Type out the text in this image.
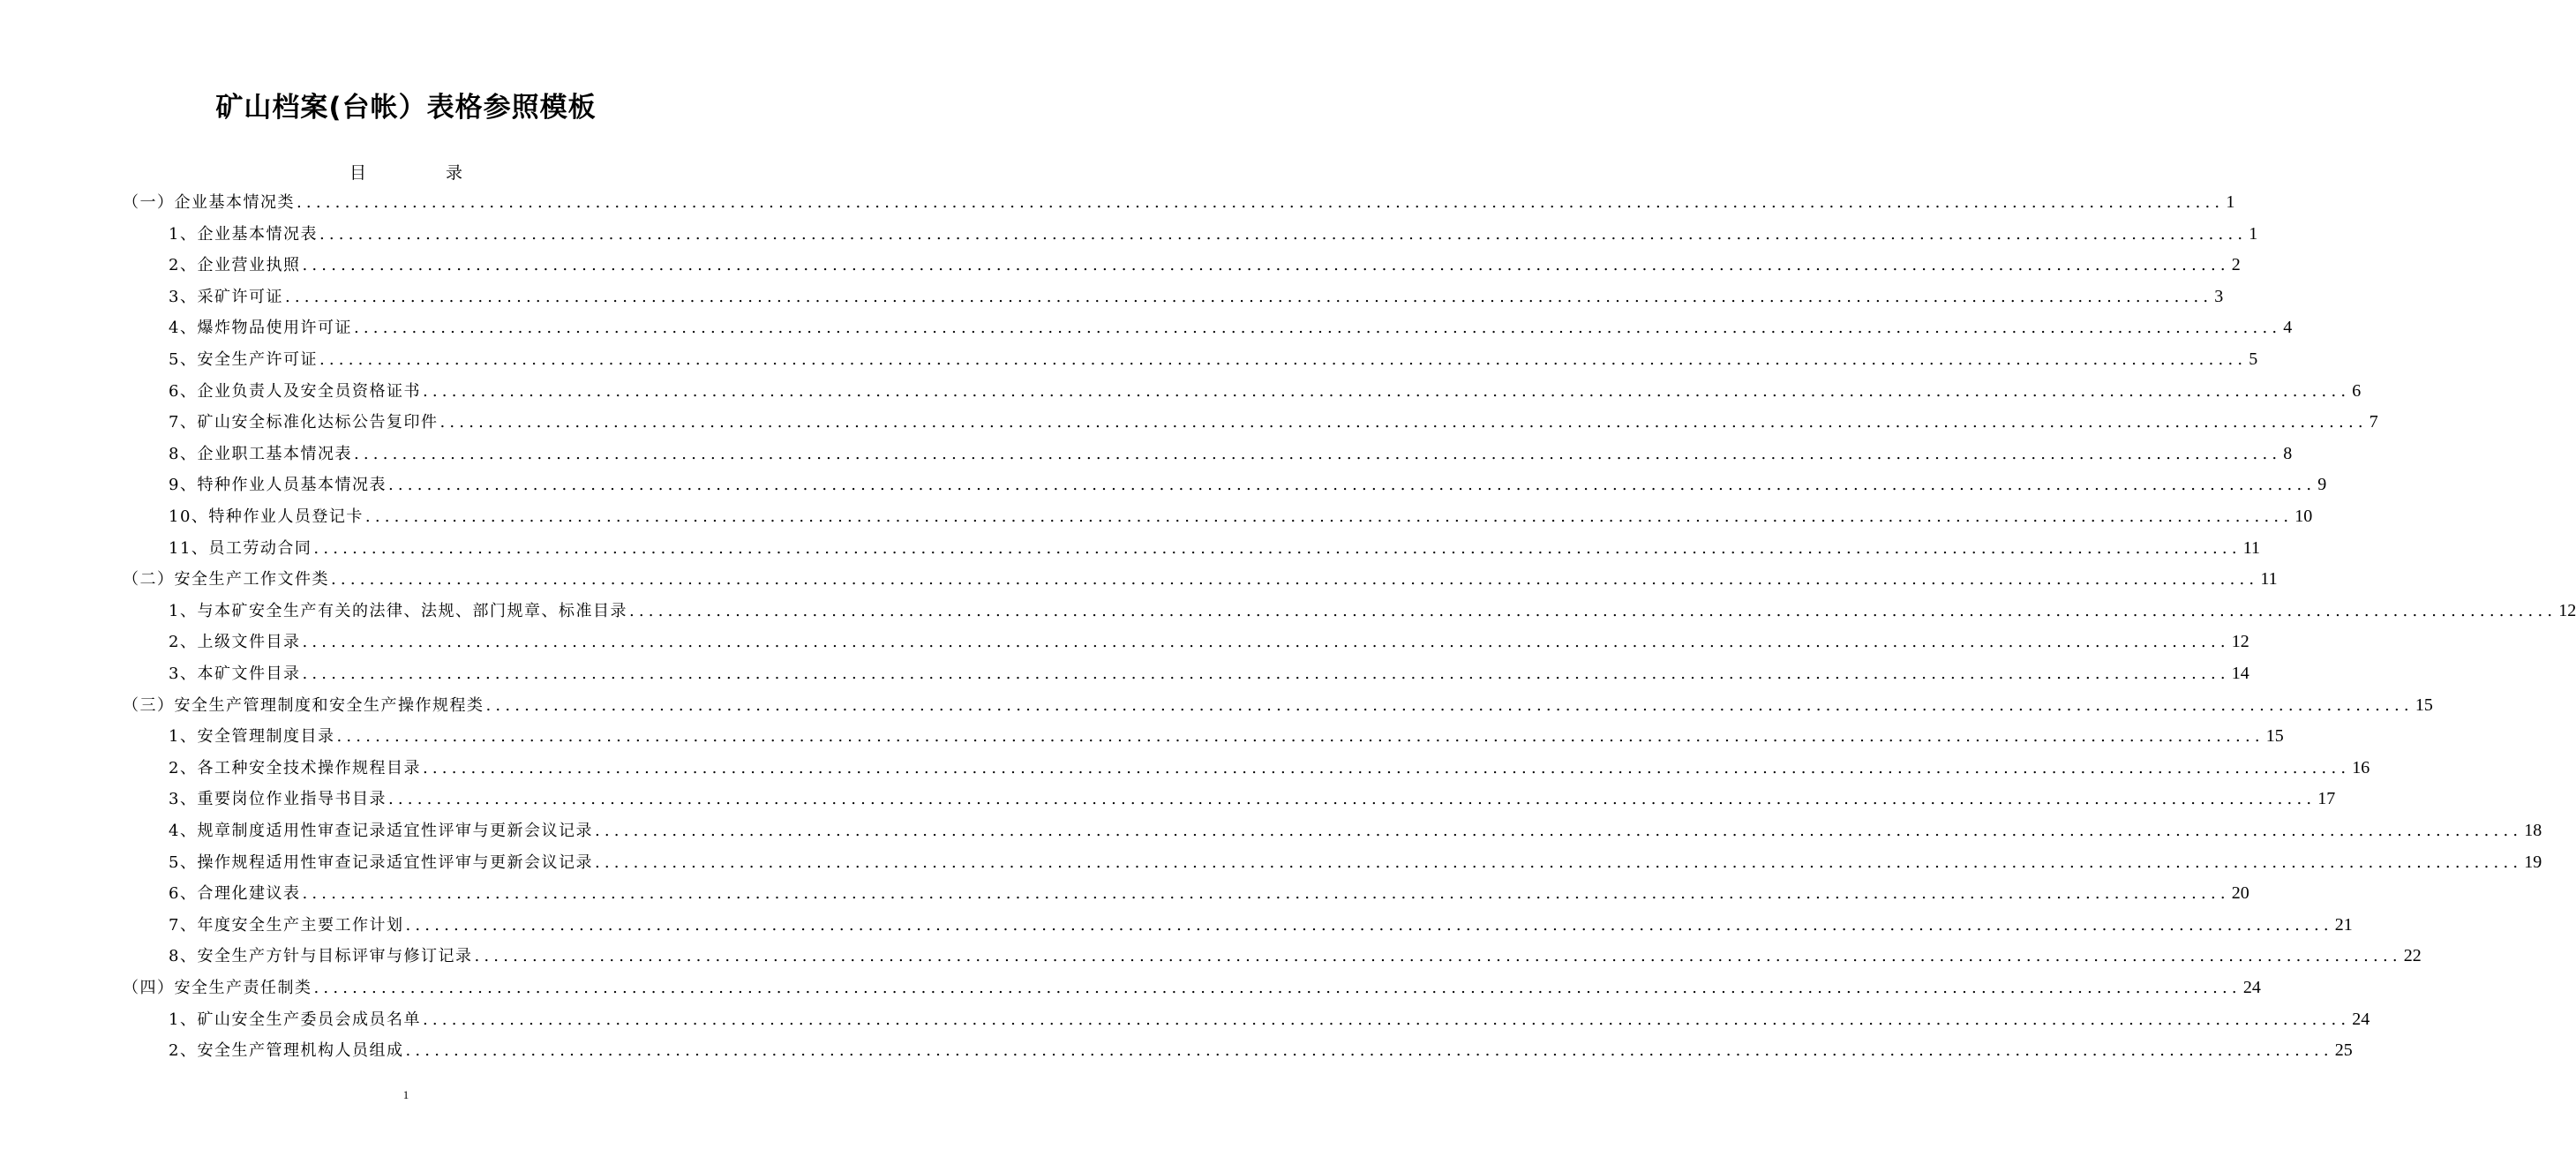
矿山档案(台帐）表格参照模板
目 录
（一）企业基本情况类 ........................................................................................................................................................................................................ 1
1、企业基本情况表 ........................................................................................................................................................................................................ 1
2、企业营业执照 ........................................................................................................................................................................................................ 2
3、采矿许可证 ........................................................................................................................................................................................................ 3
4、爆炸物品使用许可证 ........................................................................................................................................................................................................ 4
5、安全生产许可证 ........................................................................................................................................................................................................ 5
6、企业负责人及安全员资格证书 ........................................................................................................................................................................................................ 6
7、矿山安全标准化达标公告复印件 ........................................................................................................................................................................................................ 7
8、企业职工基本情况表 ........................................................................................................................................................................................................ 8
9、特种作业人员基本情况表 ........................................................................................................................................................................................................ 9
10、特种作业人员登记卡 ........................................................................................................................................................................................................ 10
11、员工劳动合同 ........................................................................................................................................................................................................ 11
（二）安全生产工作文件类 ........................................................................................................................................................................................................ 11
1、与本矿安全生产有关的法律、法规、部门规章、标准目录 ........................................................................................................................................................................................................ 12
2、上级文件目录 ........................................................................................................................................................................................................ 12
3、本矿文件目录 ........................................................................................................................................................................................................ 14
（三）安全生产管理制度和安全生产操作规程类 ........................................................................................................................................................................................................ 15
1、安全管理制度目录 ........................................................................................................................................................................................................ 15
2、各工种安全技术操作规程目录 ........................................................................................................................................................................................................ 16
3、重要岗位作业指导书目录 ........................................................................................................................................................................................................ 17
4、规章制度适用性审查记录适宜性评审与更新会议记录 ........................................................................................................................................................................................................ 18
5、操作规程适用性审查记录适宜性评审与更新会议记录 ........................................................................................................................................................................................................ 19
6、合理化建议表 ........................................................................................................................................................................................................ 20
7、年度安全生产主要工作计划 ........................................................................................................................................................................................................ 21
8、安全生产方针与目标评审与修订记录 ........................................................................................................................................................................................................ 22
（四）安全生产责任制类 ........................................................................................................................................................................................................ 24
1、矿山安全生产委员会成员名单 ........................................................................................................................................................................................................ 24
2、安全生产管理机构人员组成 ........................................................................................................................................................................................................ 25
1
